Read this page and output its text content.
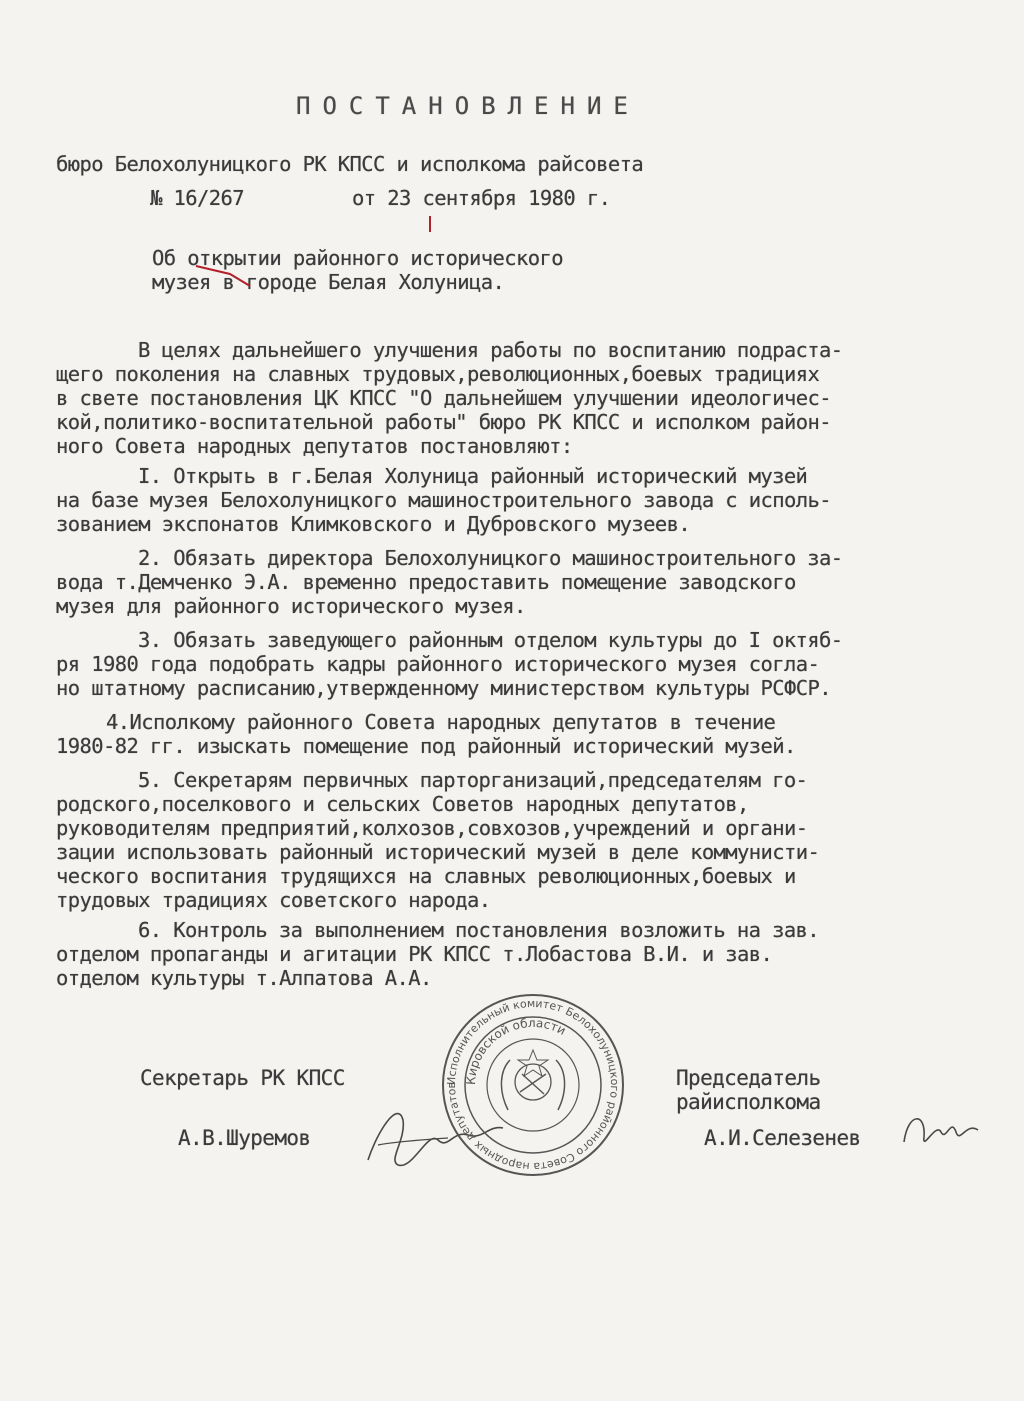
ПОСТАНОВЛЕНИЕ
бюро Белохолуницкого РК КПСС и исполкома райсовета
№ 16/267	от 23 сентября 1980 г.
Об открытии районного исторического
музея в городе Белая Холуница.
В целях дальнейшего улучшения работы по воспитанию подраста-
щего поколения на славных трудовых,революционных,боевых традициях
в свете постановления ЦК КПСС "О дальнейшем улучшении идеологичес-
кой,политико-воспитательной работы" бюро РК КПСС и исполком район-
ного Совета народных депутатов постановляют:
I. Открыть в г.Белая Холуница районный исторический музей
на базе музея Белохолуницкого машиностроительного завода с исполь-
зованием экспонатов Климковского и Дубровского музеев.
2. Обязать директора Белохолуницкого машиностроительного за-
вода т.Демченко Э.А. временно предоставить помещение заводского
музея для районного исторического музея.
3. Обязать заведующего районным отделом культуры до I октяб-
ря 1980 года подобрать кадры районного исторического музея согла-
но штатному расписанию,утвержденному министерством культуры РСФСР.
4.Исполкому районного Совета народных депутатов в течение
1980-82 гг. изыскать помещение под районный исторический музей.
5. Секретарям первичных парторганизаций,председателям го-
родского,поселкового и сельских Советов народных депутатов,
руководителям предприятий,колхозов,совхозов,учреждений и органи-
зации использовать районный исторический музей в деле коммунисти-
ческого воспитания трудящихся на славных революционных,боевых и
трудовых традициях советского народа.
6. Контроль за выполнением постановления возложить на зав.
отделом пропаганды и агитации РК КПСС т.Лобастова В.И. и зав.
отделом культуры т.Алпатова А.А.
Секретарь РК КПСС
А.В.Шуремов
Председатель
райисполкома
А.И.Селезенев
Исполнительный комитет Белохолуницкого районного Совета народных депутатов Кировской области
